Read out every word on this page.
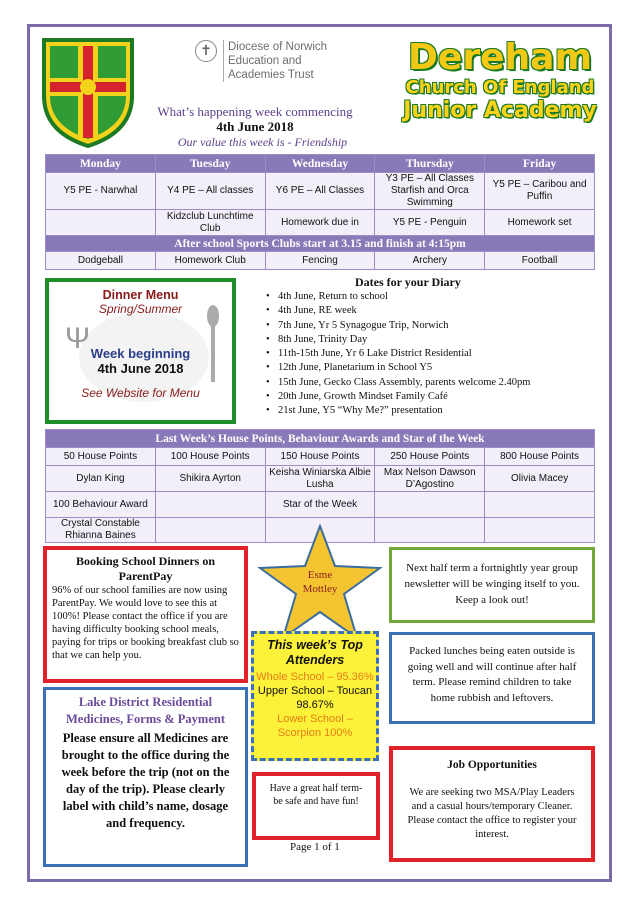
✝	Diocese of Norwich
Education and
Academies Trust
What’s happening week commencing
4th June 2018
Our value this week is - Friendship
Dereham
Church Of England
Junior Academy
Monday	Tuesday	Wednesday	Thursday	Friday
Y5 PE - Narwhal	Y4 PE – All classes	Y6 PE – All Classes	Y3 PE – All Classes Starfish and Orca Swimming	Y5 PE – Caribou and Puffin
	Kidzclub Lunchtime Club	Homework due in	Y5 PE - Penguin	Homework set
After school Sports Clubs start at 3.15 and finish at 4:15pm				
Dodgeball	Homework Club	Fencing	Archery	Football
Ψ
Dinner Menu
Spring/Summer
Week beginning
4th June 2018
See Website for Menu
Dates for your Diary
• 4th June, Return to school
• 4th June, RE week
• 7th June, Yr 5 Synagogue Trip, Norwich
• 8th June, Trinity Day
• 11th-15th June, Yr 6 Lake District Residential
• 12th June, Planetarium in School Y5
• 15th June, Gecko Class Assembly, parents welcome 2.40pm
• 20th June, Growth Mindset Family Café
• 21st June, Y5 “Why Me?” presentation
Last Week’s House Points, Behaviour Awards and Star of the Week				
50 House Points	100 House Points	150 House Points	250 House Points	800 House Points
Dylan King	Shikira Ayrton	Keisha Winiarska Albie Lusha	Max Nelson Dawson D’Agostino	Olivia Macey
100 Behaviour Award		Star of the Week		
Crystal Constable Rhianna Baines				
Booking School Dinners on ParentPay

96% of our school families are now using ParentPay. We would love to see this at 100%! Please contact the office if you are having difficulty booking school meals, paying for trips or booking breakfast club so that we can help you.

Lake District Residential Medicines, Forms & Payment

Please ensure all Medicines are brought to the office during the week before the trip (not on the day of the trip). Please clearly label with child’s name, dosage and frequency.

Esme Mottley
This week’s Top Attenders
Whole School – 95.36%
Upper School – Toucan 98.67%
Lower School – Scorpion 100%
Next half term a fortnightly year group newsletter will be winging itself to you. Keep a look out!
Packed lunches being eaten outside is going well and will continue after half term. Please remind children to take home rubbish and leftovers.
Job Opportunities

We are seeking two MSA/Play Leaders and a casual hours/temporary Cleaner. Please contact the office to register your interest.

Have a great half term- be safe and have fun!
Page 1 of 1
